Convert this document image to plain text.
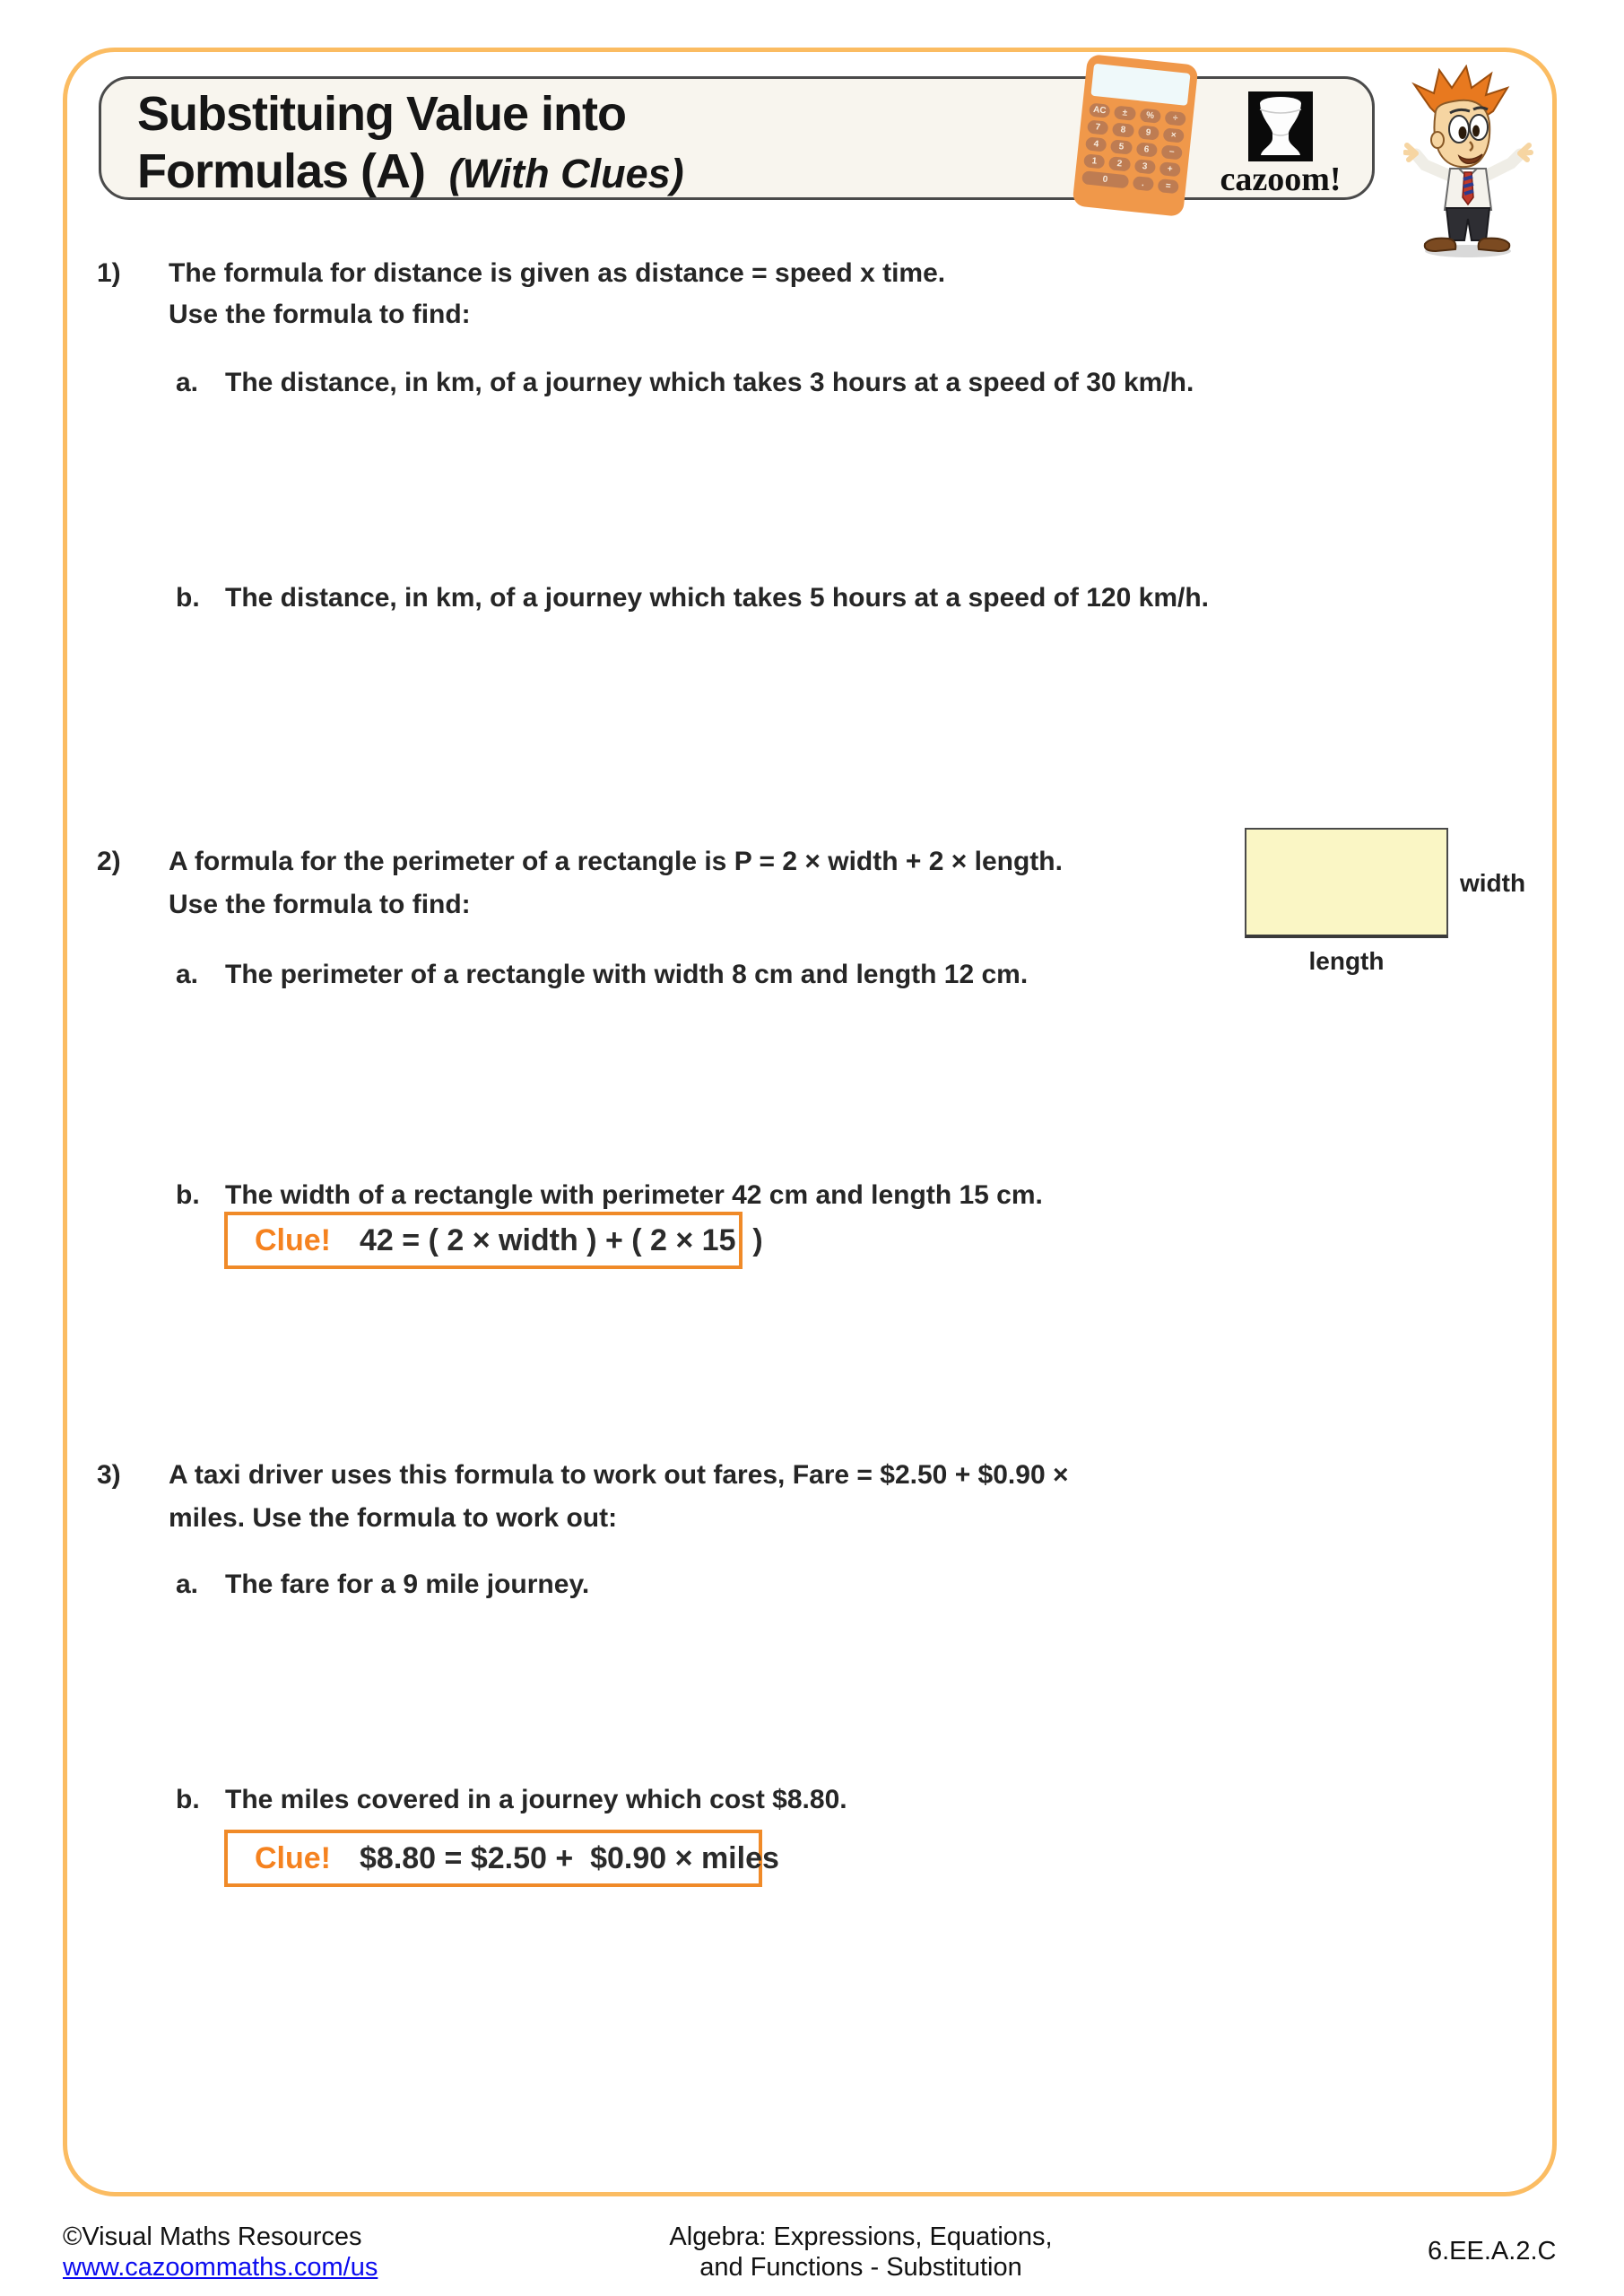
Substituing Value into
Formulas (A) (With Clues)
AC	±	%	÷
7	8	9	×
4	5	6	−
1	2	3	+
0	.	=	cazoom!
1) The formula for distance is given as distance = speed x time.
Use the formula to find:
a. The distance, in km, of a journey which takes 3 hours at a speed of 30 km/h.
b. The distance, in km, of a journey which takes 5 hours at a speed of 120 km/h.
2) A formula for the perimeter of a rectangle is P = 2 × width + 2 × length.
Use the formula to find:
a. The perimeter of a rectangle with width 8 cm and length 12 cm.
b. The width of a rectangle with perimeter 42 cm and length 15 cm.
width
length
Clue! 42 = ( 2 × width ) + ( 2 × 15  )
3) A taxi driver uses this formula to work out fares, Fare = $2.50 + $0.90 ×
miles. Use the formula to work out:
a. The fare for a 9 mile journey.
b. The miles covered in a journey which cost $8.80.
Clue! $8.80 = $2.50 +  $0.90 × miles
©Visual Maths Resources
www.cazoommaths.com/us
Algebra: Expressions, Equations,
and Functions - Substitution
6.EE.A.2.C
